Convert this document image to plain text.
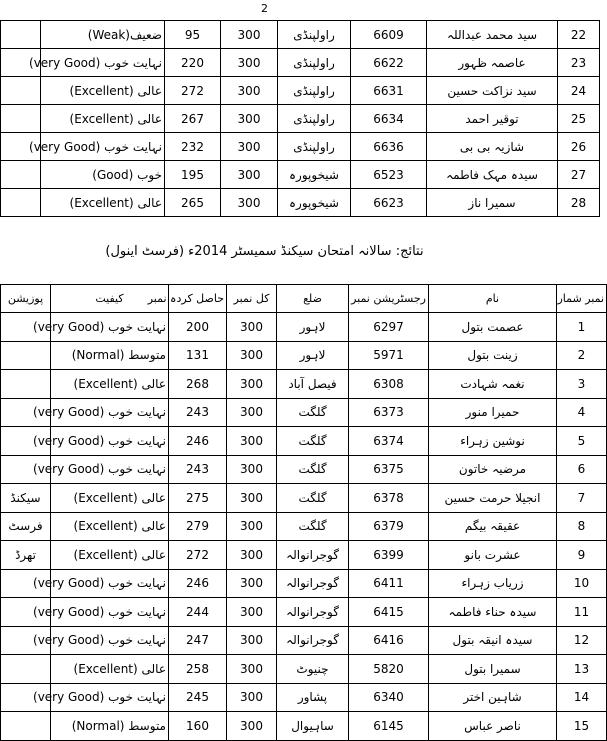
2
22	سید محمد عبداللہ	6609	راولپنڈی	300	95	ضعیف(Weak)	
23	عاصمہ ظہور	6622	راولپنڈی	300	220	نہایت خوب (very Good)	
24	سید نزاکت حسین	6631	راولپنڈی	300	272	عالی (Excellent)	
25	توقیر احمد	6634	راولپنڈی	300	267	عالی (Excellent)	
26	شازیہ بی بی	6636	راولپنڈی	300	232	نہایت خوب (very Good)	
27	سیدہ مہک فاطمہ	6523	شیخوپورہ	300	195	خوب (Good)	
28	سمیرا ناز	6623	شیخوپورہ	300	265	عالی (Excellent)	
نتائج: سالانہ امتحان سیکنڈ سمیسٹر 2014ء (فرسٹ اینول)
نمبر شمار	نام	رجسٹریشن نمبر	ضلع	کل نمبر	حاصل کردہ نمبر	کیفیت	پوزیشن
1	عصمت بتول	6297	لاہور	300	200	نہایت خوب (very Good)	
2	زینت بتول	5971	لاہور	300	131	متوسط (Normal)	
3	نغمہ شہادت	6308	فیصل آباد	300	268	عالی (Excellent)	
4	حمیرا منور	6373	گلگت	300	243	نہایت خوب (very Good)	
5	نوشین زہراء	6374	گلگت	300	246	نہایت خوب (very Good)	
6	مرضیہ خاتون	6375	گلگت	300	243	نہایت خوب (very Good)	
7	انجیلا حرمت حسین	6378	گلگت	300	275	عالی (Excellent)	سیکنڈ
8	عقیقہ بیگم	6379	گلگت	300	279	عالی (Excellent)	فرسٹ
9	عشرت بانو	6399	گوجرانوالہ	300	272	عالی (Excellent)	تھرڈ
10	زریاب زہراء	6411	گوجرانوالہ	300	246	نہایت خوب (very Good)	
11	سیدہ حناء فاطمہ	6415	گوجرانوالہ	300	244	نہایت خوب (very Good)	
12	سیدہ انیقہ بتول	6416	گوجرانوالہ	300	247	نہایت خوب (very Good)	
13	سمیرا بتول	5820	چنیوٹ	300	258	عالی (Excellent)	
14	شاہین اختر	6340	پشاور	300	245	نہایت خوب (very Good)	
15	ناصر عباس	6145	ساہیوال	300	160	متوسط (Normal)	
